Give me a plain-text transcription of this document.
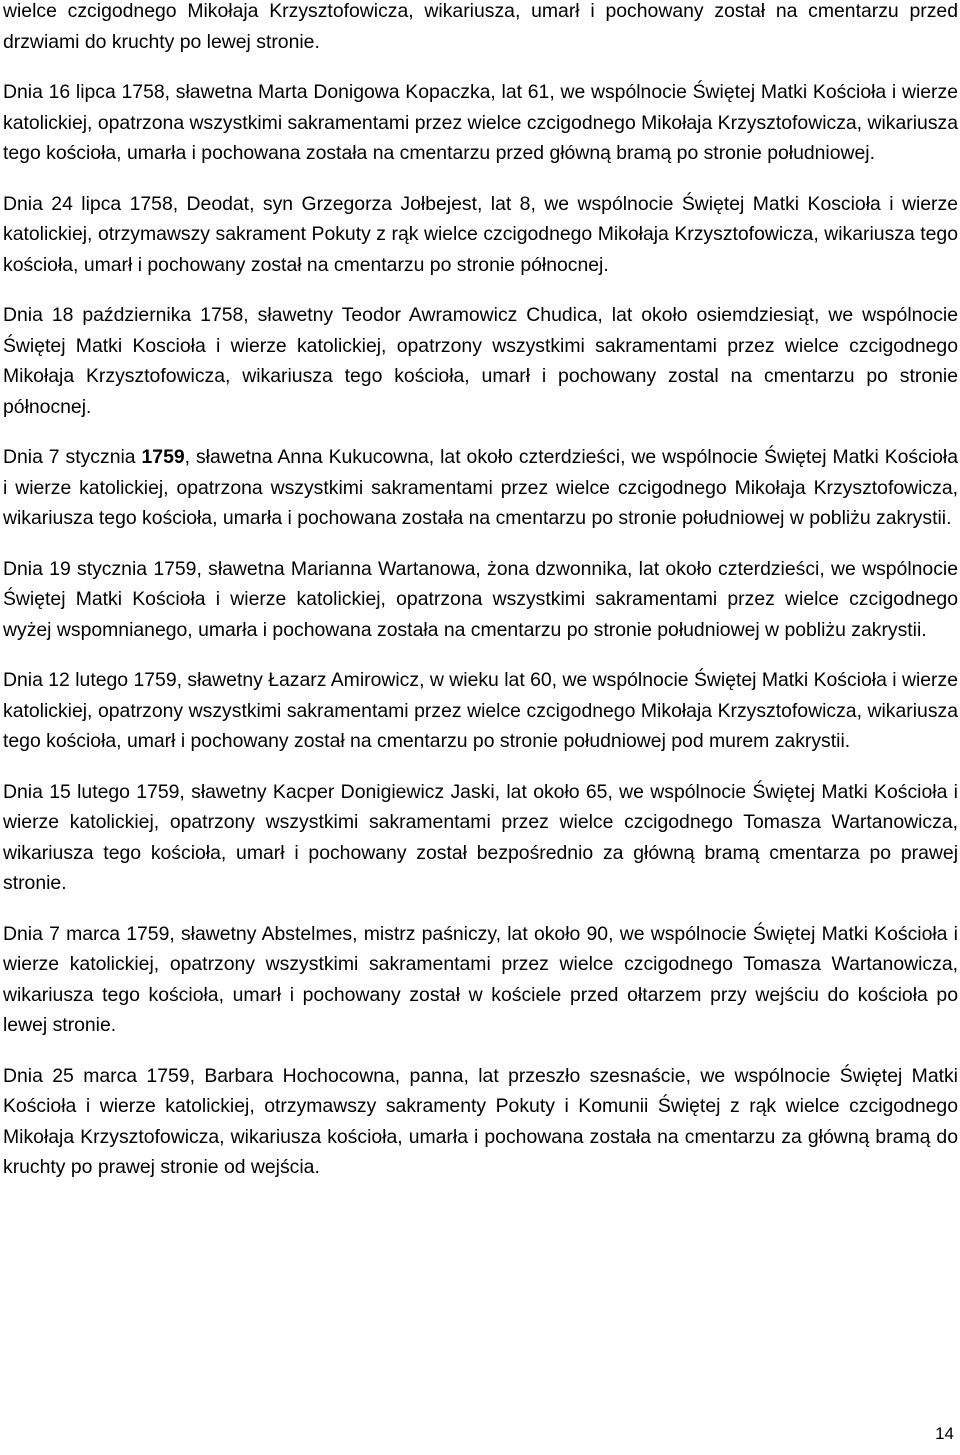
wielce czcigodnego Mikołaja Krzysztofowicza, wikariusza, umarł i pochowany został na cmentarzu przed drzwiami do kruchty po lewej stronie.

Dnia 16 lipca 1758, sławetna Marta Donigowa Kopaczka, lat 61, we wspólnocie Świętej Matki Kościoła i wierze katolickiej, opatrzona wszystkimi sakramentami przez wielce czcigodnego Mikołaja Krzysztofowicza, wikariusza tego kościoła, umarła i pochowana została na cmentarzu przed główną bramą po stronie południowej.

Dnia 24 lipca 1758, Deodat, syn Grzegorza Jołbejest, lat 8, we wspólnocie Świętej Matki Koscioła i wierze katolickiej, otrzymawszy sakrament Pokuty z rąk wielce czcigodnego Mikołaja Krzysztofowicza, wikariusza tego kościoła, umarł i pochowany został na cmentarzu po stronie północnej.

Dnia 18 października 1758, sławetny Teodor Awramowicz Chudica, lat około osiemdziesiąt, we wspólnocie Świętej Matki Koscioła i wierze katolickiej, opatrzony wszystkimi sakramentami przez wielce czcigodnego Mikołaja Krzysztofowicza, wikariusza tego kościoła, umarł i pochowany zostal na cmentarzu po stronie północnej.

Dnia 7 stycznia 1759, sławetna Anna Kukucowna, lat około czterdzieści, we wspólnocie Świętej Matki Kościoła i wierze katolickiej, opatrzona wszystkimi sakramentami przez wielce czcigodnego Mikołaja Krzysztofowicza, wikariusza tego kościoła, umarła i pochowana została na cmentarzu po stronie południowej w pobliżu zakrystii.

Dnia 19 stycznia 1759, sławetna Marianna Wartanowa, żona dzwonnika, lat około czterdzieści, we wspólnocie Świętej Matki Kościoła i wierze katolickiej, opatrzona wszystkimi sakramentami przez wielce czcigodnego wyżej wspomnianego, umarła i pochowana została na cmentarzu po stronie południowej w pobliżu zakrystii.

Dnia 12 lutego 1759, sławetny Łazarz Amirowicz, w wieku lat 60, we wspólnocie Świętej Matki Kościoła i wierze katolickiej, opatrzony wszystkimi sakramentami przez wielce czcigodnego Mikołaja Krzysztofowicza, wikariusza tego kościoła, umarł i pochowany został na cmentarzu po stronie południowej pod murem zakrystii.

Dnia 15 lutego 1759, sławetny Kacper Donigiewicz Jaski, lat około 65, we wspólnocie Świętej Matki Kościoła i wierze katolickiej, opatrzony wszystkimi sakramentami przez wielce czcigodnego Tomasza Wartanowicza, wikariusza tego kościoła, umarł i pochowany został bezpośrednio za główną bramą cmentarza po prawej stronie.

Dnia 7 marca 1759, sławetny Abstelmes, mistrz paśniczy, lat około 90, we wspólnocie Świętej Matki Kościoła i wierze katolickiej, opatrzony wszystkimi sakramentami przez wielce czcigodnego Tomasza Wartanowicza, wikariusza tego kościoła, umarł i pochowany został w kościele przed ołtarzem przy wejściu do kościoła po lewej stronie.

Dnia 25 marca 1759, Barbara Hochocowna, panna, lat przeszło szesnaście, we wspólnocie Świętej Matki Kościoła i wierze katolickiej, otrzymawszy sakramenty Pokuty i Komunii Świętej z rąk wielce czcigodnego Mikołaja Krzysztofowicza, wikariusza kościoła, umarła i pochowana została na cmentarzu za główną bramą do kruchty po prawej stronie od wejścia.

14
